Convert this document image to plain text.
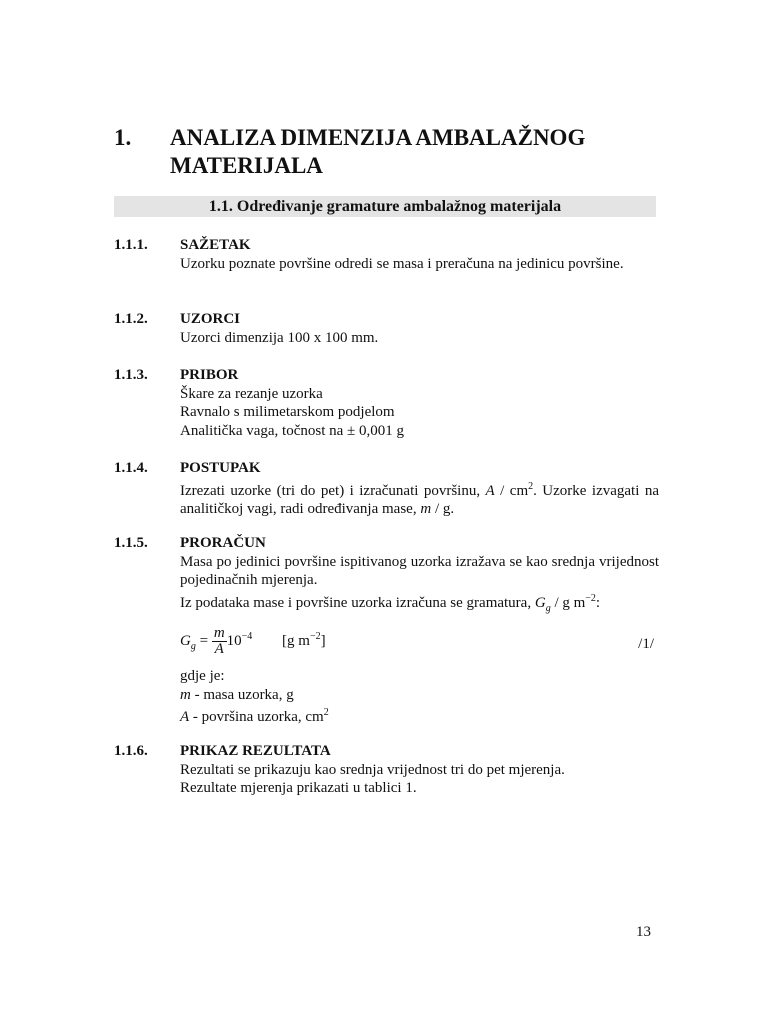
1. ANALIZA DIMENZIJA AMBALAŽNOG MATERIJALA
1.1. Određivanje gramature ambalažnog materijala
1.1.1. SAŽETAK
Uzorku poznate površine odredi se masa i preračuna na jedinicu površine.
1.1.2. UZORCI
Uzorci dimenzija 100 x 100 mm.
1.1.3. PRIBOR
Škare za rezanje uzorka
Ravnalo s milimetarskom podjelom
Analitička vaga, točnost na ± 0,001 g
1.1.4. POSTUPAK
Izrezati uzorke (tri do pet) i izračunati površinu, A / $cm^2$. Uzorke izvagati na analitičkoj vagi, radi određivanja mase, m / g.
1.1.5. PRORAČUN
Masa po jedinici površine ispitivanog uzorka izražava se kao srednja vrijednost pojedinačnih mjerenja.
Iz podataka mase i površine uzorka izračuna se gramatura, $G_g$ / g $m^{-2}$:
$G_g = \frac{m}{A} 10^{-4}$ [g $m^{-2}$]	/1/
gdje je:
m - masa uzorka, g
A - površina uzorka, $cm^2$
1.1.6. PRIKAZ REZULTATA
Rezultati se prikazuju kao srednja vrijednost tri do pet mjerenja.
Rezultate mjerenja prikazati u tablici 1.
13
